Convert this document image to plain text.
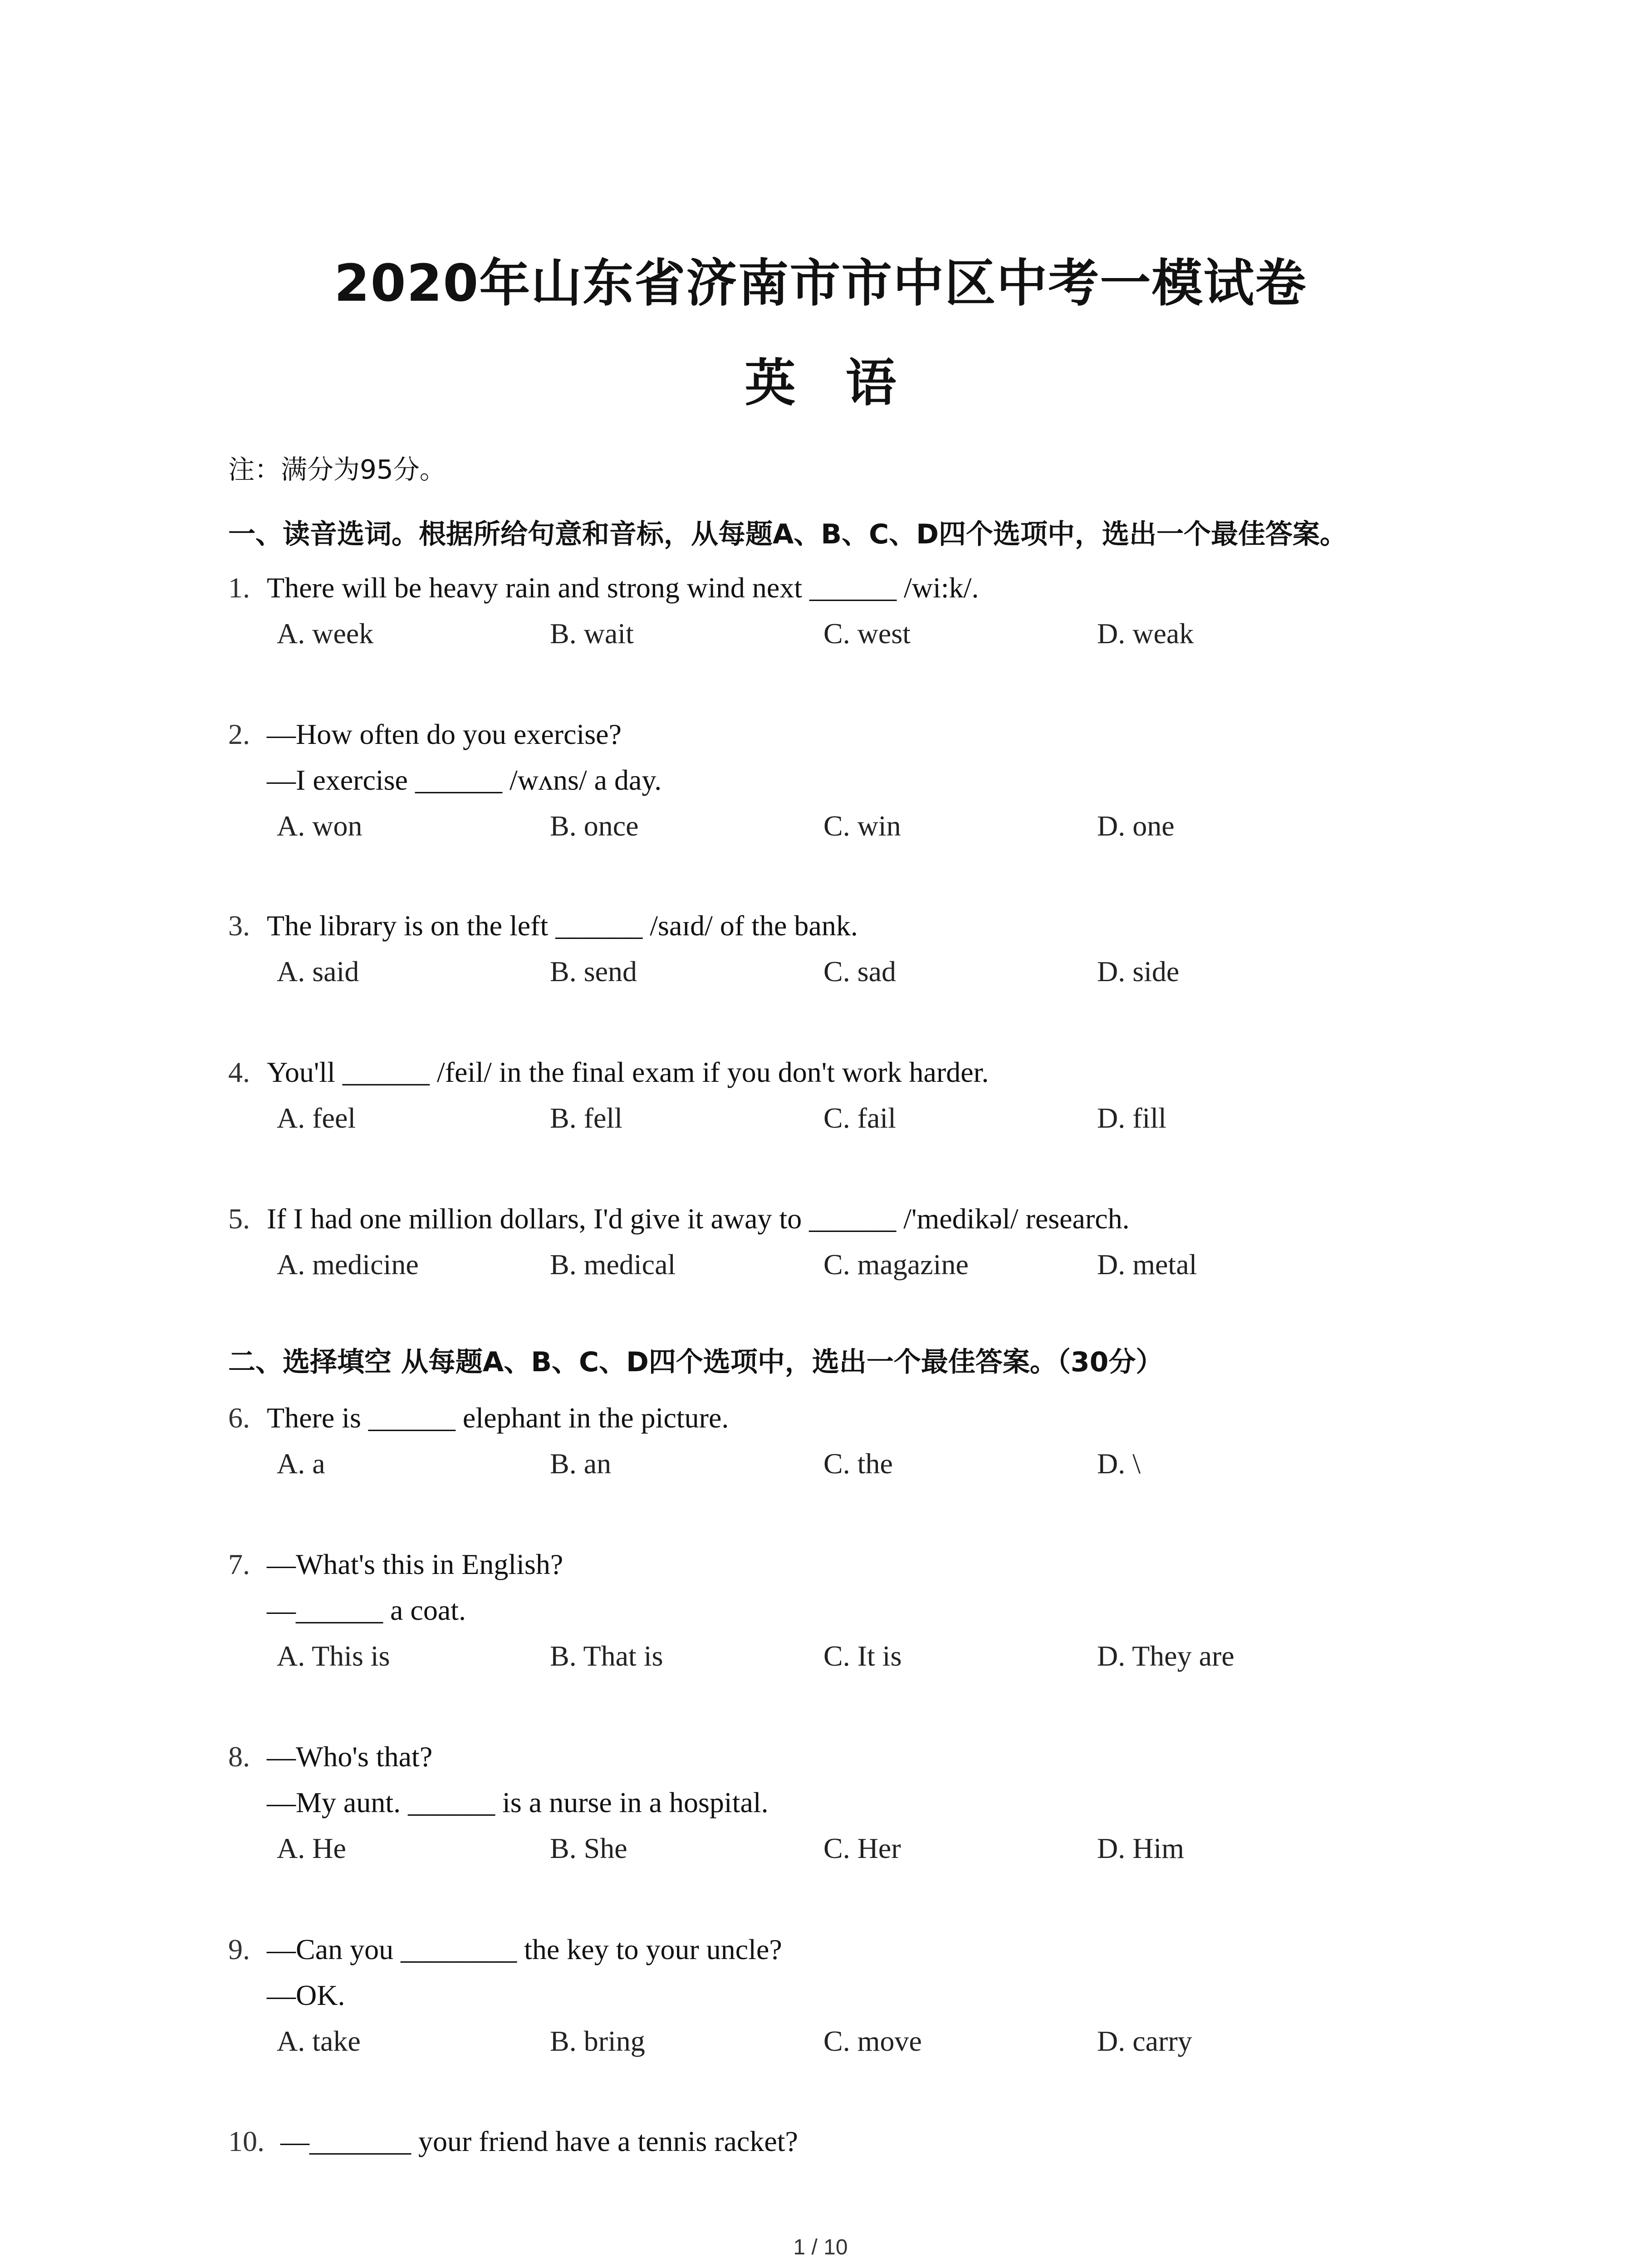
2020年山东省济南市市中区中考一模试卷
英语
注：满分为95分。
一、读音选词。根据所给句意和音标，从每题A、B、C、D四个选项中，选出一个最佳答案。
1. There will be heavy rain and strong wind next ______ /wi:k/.
A. week	B. wait	C. west	D. weak
2. —How often do you exercise?
—I exercise ______ /wʌns/ a day.
A. won	B. once	C. win	D. one
3. The library is on the left ______ /saɪd/ of the bank.
A. said	B. send	C. sad	D. side
4. You'll ______ /feil/ in the final exam if you don't work harder.
A. feel	B. fell	C. fail	D. fill
5. If I had one million dollars, I'd give it away to ______ /'medikəl/ research.
A. medicine	B. medical	C. magazine	D. metal
二、选择填空 从每题A、B、C、D四个选项中，选出一个最佳答案。（30分）
6. There is ______ elephant in the picture.
A. a	B. an	C. the	D. \
7. —What's this in English?
—______ a coat.
A. This is	B. That is	C. It is	D. They are
8. —Who's that?
—My aunt. ______ is a nurse in a hospital.
A. He	B. She	C. Her	D. Him
9. —Can you ________ the key to your uncle?
—OK.
A. take	B. bring	C. move	D. carry
10. —_______ your friend have a tennis racket?
1 / 10
